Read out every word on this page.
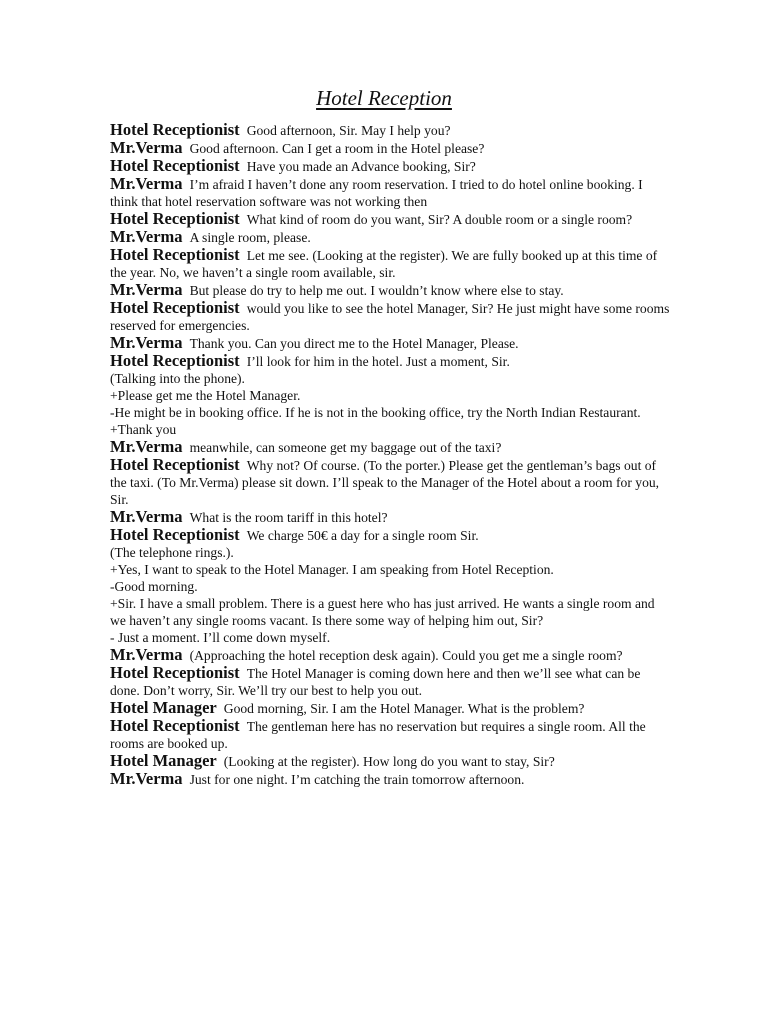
Hotel Reception

Hotel Receptionist Good afternoon, Sir. May I help you?

Mr.Verma Good afternoon. Can I get a room in the Hotel please?

Hotel Receptionist Have you made an Advance booking, Sir?

Mr.Verma I’m afraid I haven’t done any room reservation. I tried to do hotel online booking. I think that hotel reservation software was not working then

Hotel Receptionist What kind of room do you want, Sir? A double room or a single room?

Mr.Verma A single room, please.

Hotel Receptionist Let me see. (Looking at the register). We are fully booked up at this time of the year. No, we haven’t a single room available, sir.

Mr.Verma But please do try to help me out. I wouldn’t know where else to stay.

Hotel Receptionist would you like to see the hotel Manager, Sir? He just might have some rooms reserved for emergencies.

Mr.Verma Thank you. Can you direct me to the Hotel Manager, Please.

Hotel Receptionist I’ll look for him in the hotel. Just a moment, Sir.

(Talking into the phone).

+Please get me the Hotel Manager.

-He might be in booking office. If he is not in the booking office, try the North Indian Restaurant.

+Thank you

Mr.Verma meanwhile, can someone get my baggage out of the taxi?

Hotel Receptionist Why not? Of course. (To the porter.) Please get the gentleman’s bags out of the taxi. (To Mr.Verma) please sit down. I’ll speak to the Manager of the Hotel about a room for you, Sir.

Mr.Verma What is the room tariff in this hotel?

Hotel Receptionist We charge 50€ a day for a single room Sir.

(The telephone rings.).

+Yes, I want to speak to the Hotel Manager. I am speaking from Hotel Reception.

-Good morning.

+Sir. I have a small problem. There is a guest here who has just arrived. He wants a single room and we haven’t any single rooms vacant. Is there some way of helping him out, Sir?

- Just a moment. I’ll come down myself.

Mr.Verma (Approaching the hotel reception desk again). Could you get me a single room?

Hotel Receptionist The Hotel Manager is coming down here and then we’ll see what can be done. Don’t worry, Sir. We’ll try our best to help you out.

Hotel Manager Good morning, Sir. I am the Hotel Manager. What is the problem?

Hotel Receptionist The gentleman here has no reservation but requires a single room. All the rooms are booked up.

Hotel Manager (Looking at the register). How long do you want to stay, Sir?

Mr.Verma Just for one night. I’m catching the train tomorrow afternoon.
